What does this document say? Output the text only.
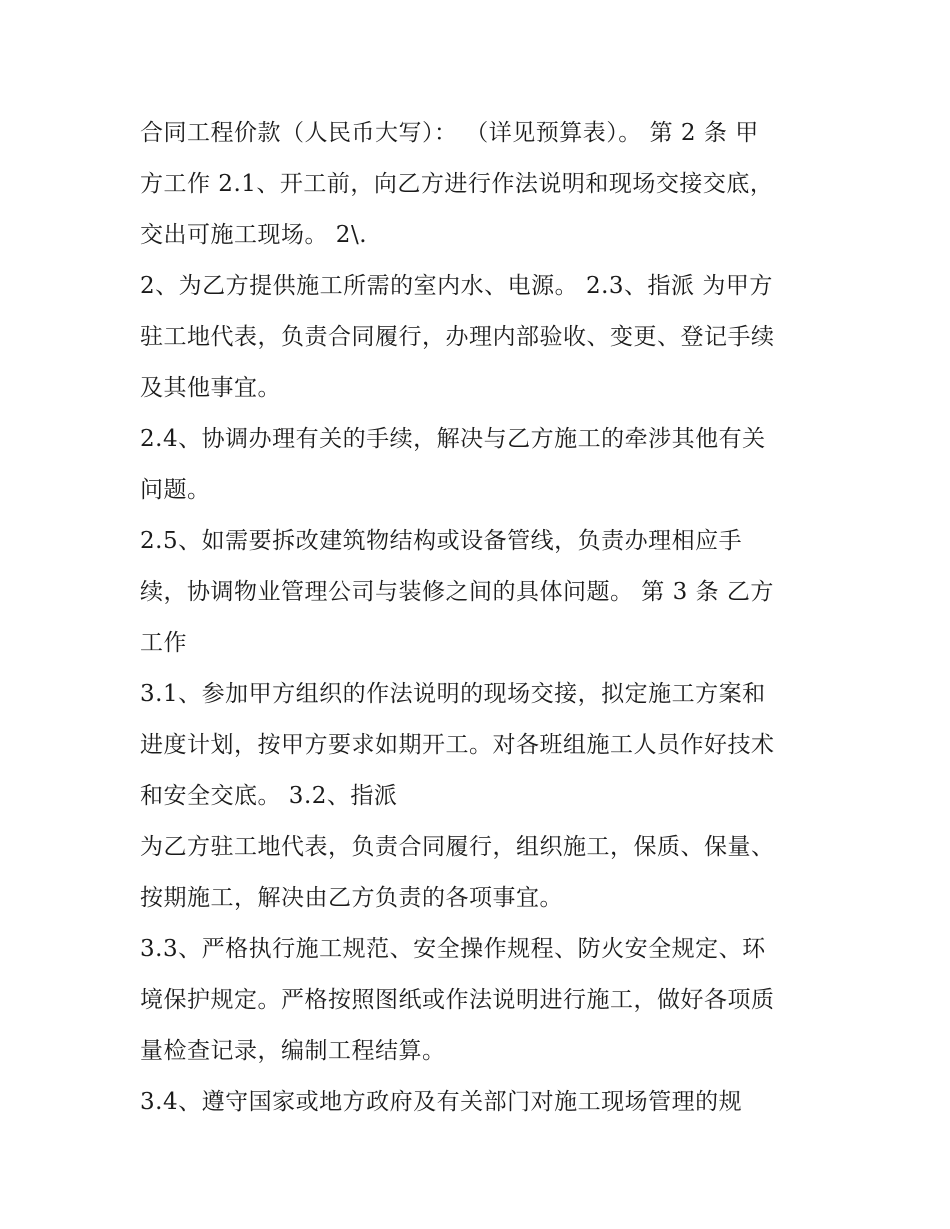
合同工程价款（人民币大写）： （详见预算表）。 第 2 条 甲
方工作 2.1、开工前，向乙方进行作法说明和现场交接交底，
交出可施工现场。 2\.
2、为乙方提供施工所需的室内水、电源。 2.3、指派 为甲方
驻工地代表，负责合同履行，办理内部验收、变更、登记手续
及其他事宜。
2.4、协调办理有关的手续，解决与乙方施工的牵涉其他有关
问题。
2.5、如需要拆改建筑物结构或设备管线，负责办理相应手
续，协调物业管理公司与装修之间的具体问题。 第 3 条 乙方
工作
3.1、参加甲方组织的作法说明的现场交接，拟定施工方案和
进度计划，按甲方要求如期开工。对各班组施工人员作好技术
和安全交底。 3.2、指派
为乙方驻工地代表，负责合同履行，组织施工，保质、保量、
按期施工，解决由乙方负责的各项事宜。
3.3、严格执行施工规范、安全操作规程、防火安全规定、环
境保护规定。严格按照图纸或作法说明进行施工，做好各项质
量检查记录，编制工程结算。
3.4、遵守国家或地方政府及有关部门对施工现场管理的规
